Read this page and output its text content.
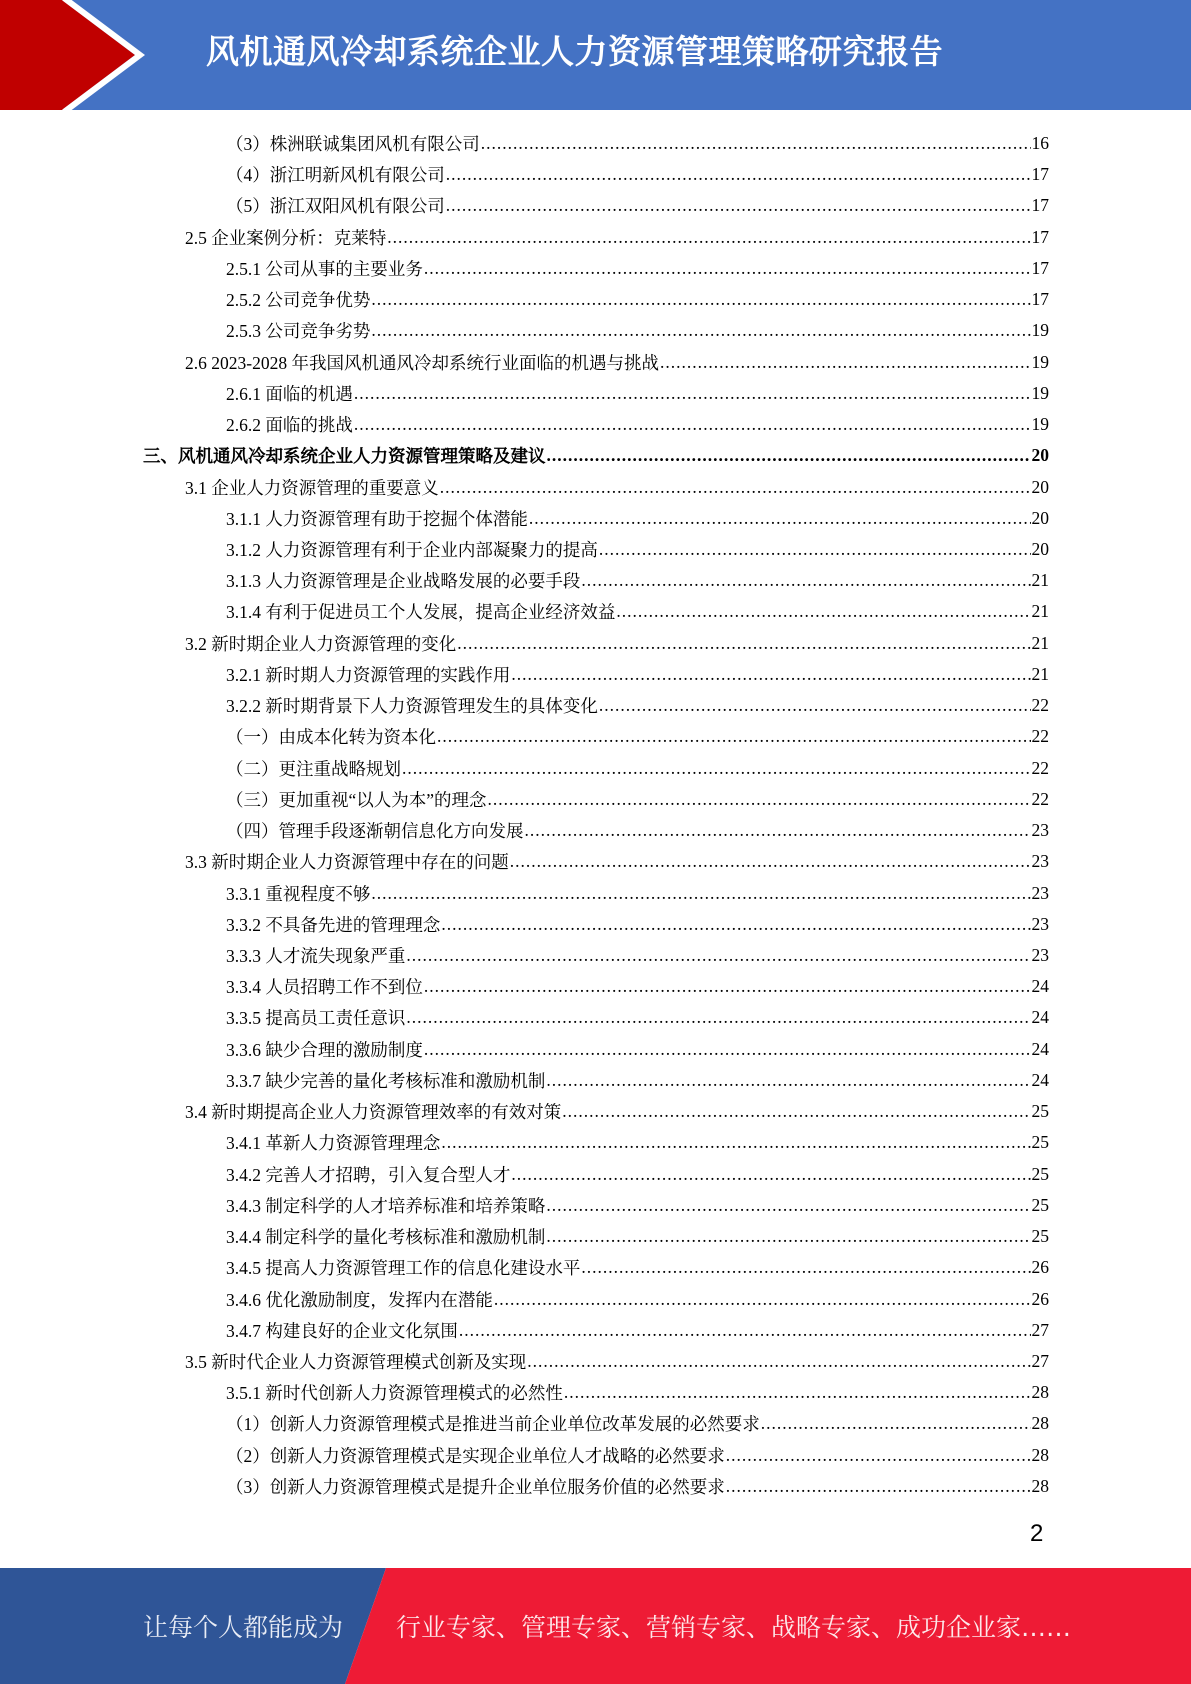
风机通风冷却系统企业人力资源管理策略研究报告
（3）株洲联诚集团风机有限公司 .....	16
（4）浙江明新风机有限公司 .....	17
（5）浙江双阳风机有限公司 .....	17
2.5 企业案例分析：克莱特 .....	17
2.5.1 公司从事的主要业务 .....	17
2.5.2 公司竞争优势 .....	17
2.5.3 公司竞争劣势 .....	19
2.6 2023-2028 年我国风机通风冷却系统行业面临的机遇与挑战 .....	19
2.6.1 面临的机遇 .....	19
2.6.2 面临的挑战 .....	19
三、风机通风冷却系统企业人力资源管理策略及建议 .....	20
3.1 企业人力资源管理的重要意义 .....	20
3.1.1 人力资源管理有助于挖掘个体潜能 .....	20
3.1.2 人力资源管理有利于企业内部凝聚力的提高 .....	20
3.1.3 人力资源管理是企业战略发展的必要手段 .....	21
3.1.4 有利于促进员工个人发展，提高企业经济效益 .....	21
3.2 新时期企业人力资源管理的变化 .....	21
3.2.1 新时期人力资源管理的实践作用 .....	21
3.2.2 新时期背景下人力资源管理发生的具体变化 .....	22
（一）由成本化转为资本化 .....	22
（二）更注重战略规划 .....	22
（三）更加重视“以人为本”的理念 .....	22
（四）管理手段逐渐朝信息化方向发展 .....	23
3.3 新时期企业人力资源管理中存在的问题 .....	23
3.3.1 重视程度不够 .....	23
3.3.2 不具备先进的管理理念 .....	23
3.3.3 人才流失现象严重 .....	23
3.3.4 人员招聘工作不到位 .....	24
3.3.5 提高员工责任意识 .....	24
3.3.6 缺少合理的激励制度 .....	24
3.3.7 缺少完善的量化考核标准和激励机制 .....	24
3.4 新时期提高企业人力资源管理效率的有效对策 .....	25
3.4.1 革新人力资源管理理念 .....	25
3.4.2 完善人才招聘，引入复合型人才 .....	25
3.4.3 制定科学的人才培养标准和培养策略 .....	25
3.4.4 制定科学的量化考核标准和激励机制 .....	25
3.4.5 提高人力资源管理工作的信息化建设水平 .....	26
3.4.6 优化激励制度，发挥内在潜能 .....	26
3.4.7 构建良好的企业文化氛围 .....	27
3.5 新时代企业人力资源管理模式创新及实现 .....	27
3.5.1 新时代创新人力资源管理模式的必然性 .....	28
（1）创新人力资源管理模式是推进当前企业单位改革发展的必然要求 .....	28
（2）创新人力资源管理模式是实现企业单位人才战略的必然要求 .....	28
（3）创新人力资源管理模式是提升企业单位服务价值的必然要求 .....	28
2
让每个人都能成为 行业专家、管理专家、营销专家、战略专家、成功企业家……
